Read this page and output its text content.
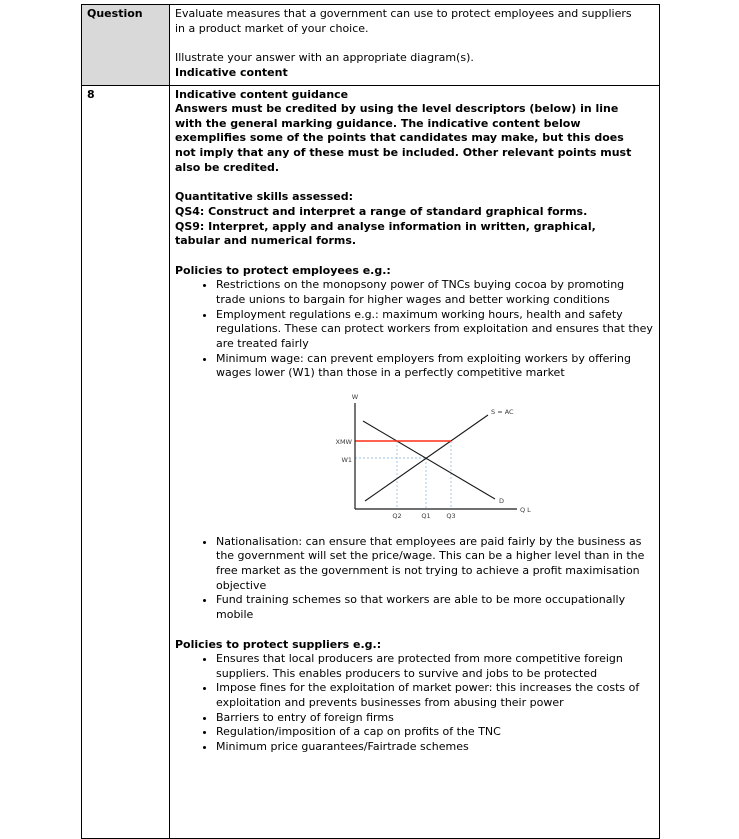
Question	Evaluate measures that a government can use to protect employees and suppliers in a product market of your choice.

Illustrate your answer with an appropriate diagram(s).

Indicative content

8	Indicative content guidance

Answers must be credited by using the level descriptors (below) in line with the general marking guidance. The indicative content below exemplifies some of the points that candidates may make, but this does not imply that any of these must be included. Other relevant points must also be credited.

Quantitative skills assessed:

QS4: Construct and interpret a range of standard graphical forms.

QS9: Interpret, apply and analyse information in written, graphical, tabular and numerical forms.

Policies to protect employees e.g.:

• Restrictions on the monopsony power of TNCs buying cocoa by promoting trade unions to bargain for higher wages and better working conditions
• Employment regulations e.g.: maximum working hours, health and safety regulations. These can protect workers from exploitation and ensures that they are treated fairly
• Minimum wage: can prevent employers from exploiting workers by offering wages lower (W1) than those in a perfectly competitive market
W
Q L
S = AC
D
XMW
W1
Q2	Q1 Q3
• Nationalisation: can ensure that employees are paid fairly by the business as the government will set the price/wage. This can be a higher level than in the free market as the government is not trying to achieve a profit maximisation objective
• Fund training schemes so that workers are able to be more occupationally mobile

Policies to protect suppliers e.g.:

• Ensures that local producers are protected from more competitive foreign suppliers. This enables producers to survive and jobs to be protected
• Impose fines for the exploitation of market power: this increases the costs of exploitation and prevents businesses from abusing their power
• Barriers to entry of foreign firms
• Regulation/imposition of a cap on profits of the TNC
• Minimum price guarantees/Fairtrade schemes
